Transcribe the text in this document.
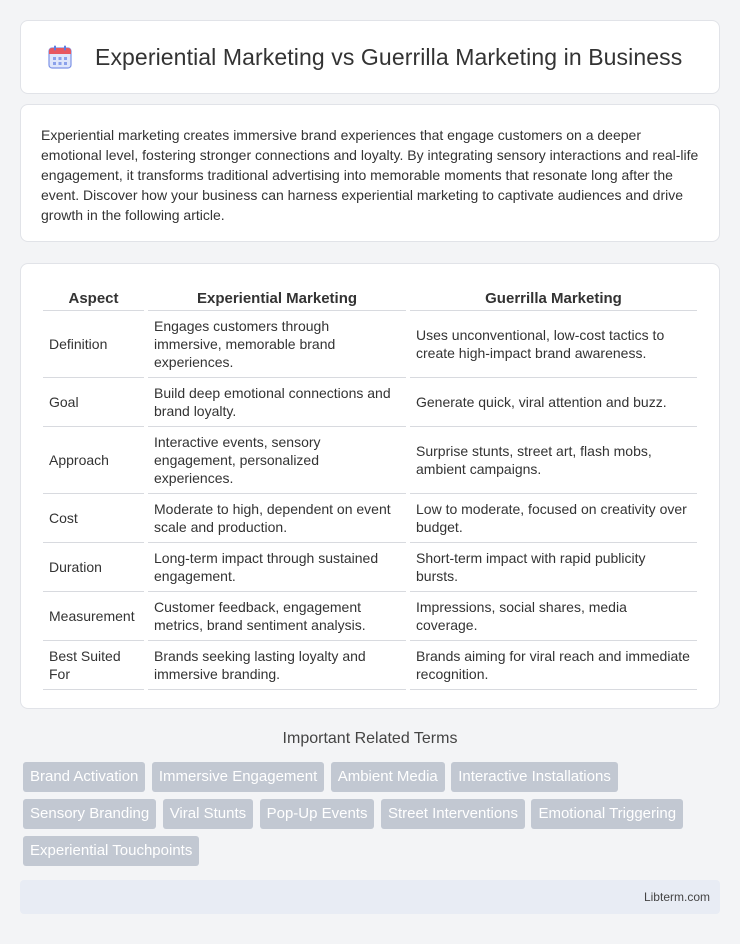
Experiential Marketing vs Guerrilla Marketing in Business

Experiential marketing creates immersive brand experiences that engage customers on a deeper emotional level, fostering stronger connections and loyalty. By integrating sensory interactions and real-life engagement, it transforms traditional advertising into memorable moments that resonate long after the event. Discover how your business can harness experiential marketing to captivate audiences and drive growth in the following article.

Aspect	Experiential Marketing	Guerrilla Marketing
Definition	Engages customers through immersive, memorable brand experiences.	Uses unconventional, low-cost tactics to create high-impact brand awareness.
Goal	Build deep emotional connections and brand loyalty.	Generate quick, viral attention and buzz.
Approach	Interactive events, sensory engagement, personalized experiences.	Surprise stunts, street art, flash mobs, ambient campaigns.
Cost	Moderate to high, dependent on event scale and production.	Low to moderate, focused on creativity over budget.
Duration	Long-term impact through sustained engagement.	Short-term impact with rapid publicity bursts.
Measurement	Customer feedback, engagement metrics, brand sentiment analysis.	Impressions, social shares, media coverage.
Best Suited For	Brands seeking lasting loyalty and immersive branding.	Brands aiming for viral reach and immediate recognition.
Important Related Terms
Brand Activation Immersive Engagement Ambient Media Interactive Installations Sensory Branding Viral Stunts Pop-Up Events Street Interventions Emotional Triggering Experiential Touchpoints
Libterm.com
